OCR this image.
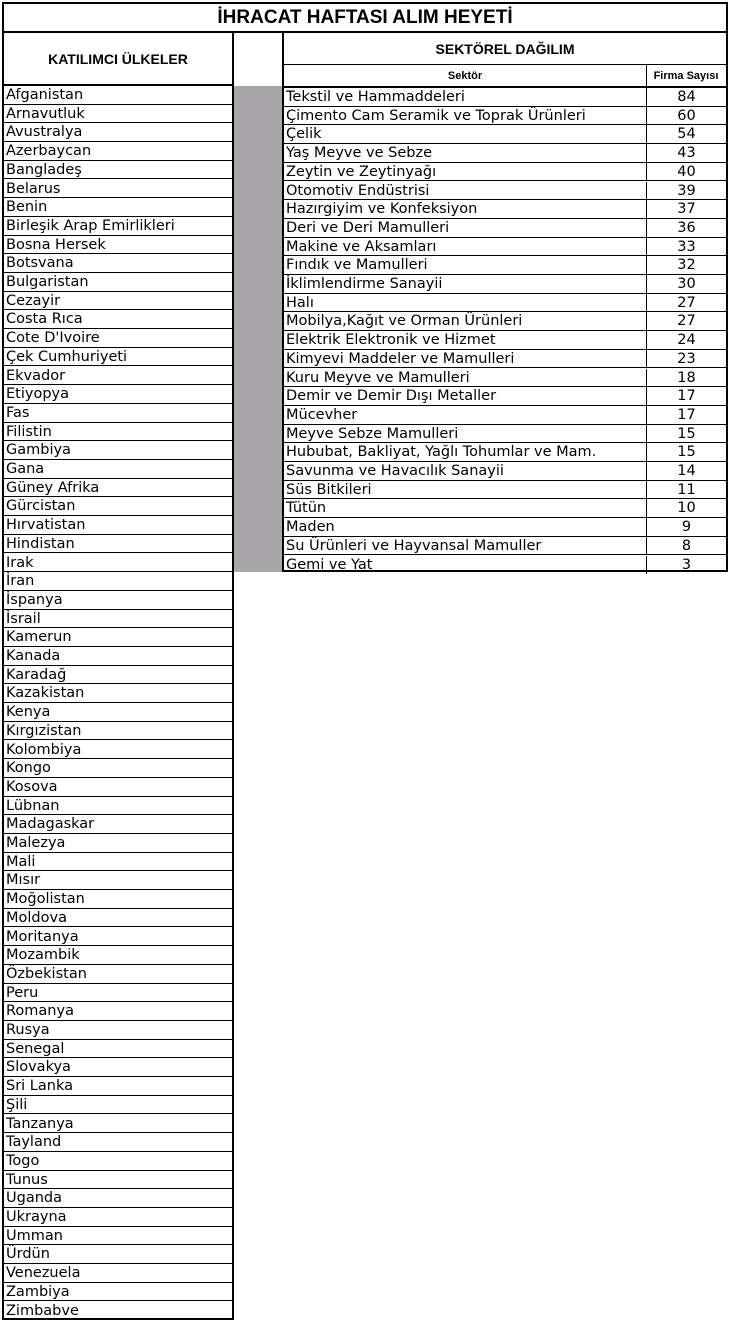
İHRACAT HAFTASI ALIM HEYETİ
KATILIMCI ÜLKELER
Afganistan
Arnavutluk
Avustralya
Azerbaycan
Bangladeş
Belarus
Benin
Birleşik Arap Emirlikleri
Bosna Hersek
Botsvana
Bulgaristan
Cezayir
Costa Rıca
Cote D'Ivoire
Çek Cumhuriyeti
Ekvador
Etiyopya
Fas
Filistin
Gambiya
Gana
Güney Afrika
Gürcistan
Hırvatistan
Hindistan
Irak
İran
İspanya
İsrail
Kamerun
Kanada
Karadağ
Kazakistan
Kenya
Kırgızistan
Kolombiya
Kongo
Kosova
Lübnan
Madagaskar
Malezya
Mali
Mısır
Moğolistan
Moldova
Moritanya
Mozambik
Özbekistan
Peru
Romanya
Rusya
Senegal
Slovakya
Sri Lanka
Şili
Tanzanya
Tayland
Togo
Tunus
Uganda
Ukrayna
Umman
Ürdün
Venezuela
Zambiya
Zimbabve
SEKTÖREL DAĞILIM
Sektör	Firma Sayısı
Tekstil ve Hammaddeleri	84
Çimento Cam Seramik ve Toprak Ürünleri	60
Çelik	54
Yaş Meyve ve Sebze	43
Zeytin ve Zeytinyağı	40
Otomotiv Endüstrisi	39
Hazırgiyim ve Konfeksiyon	37
Deri ve Deri Mamulleri	36
Makine ve Aksamları	33
Fındık ve Mamulleri	32
İklimlendirme Sanayii	30
Halı	27
Mobilya,Kağıt ve Orman Ürünleri	27
Elektrik Elektronik ve Hizmet	24
Kimyevi Maddeler ve Mamulleri	23
Kuru Meyve ve Mamulleri	18
Demir ve Demir Dışı Metaller	17
Mücevher	17
Meyve Sebze Mamulleri	15
Hububat, Bakliyat, Yağlı Tohumlar ve Mam.	15
Savunma ve Havacılık Sanayii	14
Süs Bitkileri	11
Tütün	10
Maden	9
Su Ürünleri ve Hayvansal Mamuller	8
Gemi ve Yat	3
